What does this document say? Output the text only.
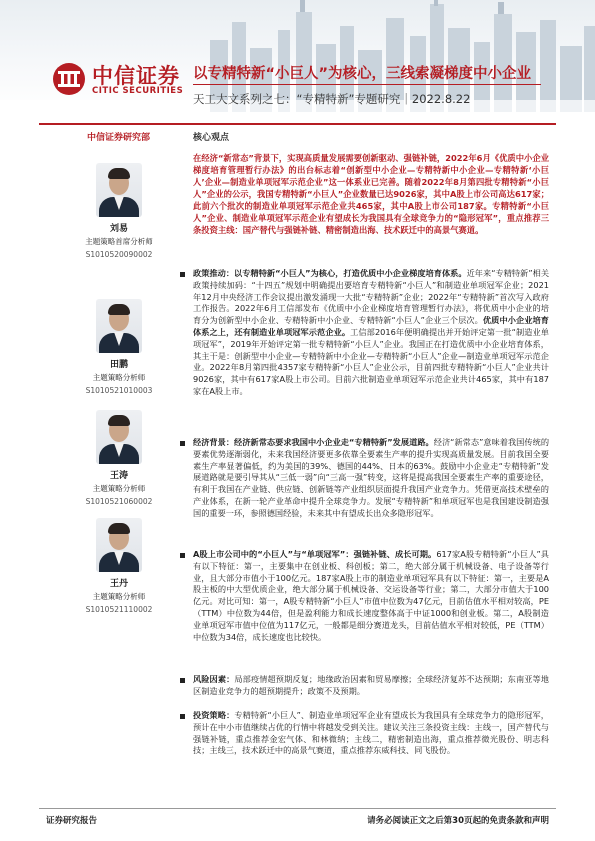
中信证券
CITIC SECURITIES
以专精特新“小巨人”为核心，三线索凝梯度中小企业
天工大文系列之七：“专精特新”专题研究｜2022.8.22
中信证券研究部	核心观点
刘易
主题策略首席分析师
S1010520090002
田鹏
主题策略分析师
S1010521010003
王涛
主题策略分析师
S1010521060002
王丹
主题策略分析师
S1010521110002
在经济“新常态”背景下，实现高质量发展需要创新驱动、强链补链，2022年6月《优质中小企业梯度培育管理暂行办法》的出台标志着“创新型中小企业—专精特新中小企业—专精特新‘小巨人’企业—制造业单项冠军示范企业”这一体系业已完善。随着2022年8月第四批专精特新“小巨人”企业的公示，我国专精特新“小巨人”企业数量已达9026家，其中A股上市公司高达617家；此前六个批次的制造业单项冠军示范企业共465家，其中A股上市公司187家。专精特新“小巨人”企业、制造业单项冠军示范企业有望成长为我国具有全球竞争力的“隐形冠军”，重点推荐三条投资主线：国产替代与强链补链、精密制造出海、技术跃迁中的高景气赛道。
政策推动：以专精特新“小巨人”为核心，打造优质中小企业梯度培育体系。近年来“专精特新”相关政策持续加码：“十四五”规划中明确提出要培育专精特新“小巨人”和制造业单项冠军企业；2021年12月中央经济工作会议提出激发涌现一大批“专精特新”企业；2022年“专精特新”首次写入政府工作报告。2022年6月工信部发布《优质中小企业梯度培育管理暂行办法》，将优质中小企业的培育分为创新型中小企业、专精特新中小企业、专精特新“小巨人”企业三个层次。优质中小企业培育体系之上，还有制造业单项冠军示范企业。工信部2016年便明确提出并开始评定第一批“制造业单项冠军”，2019年开始评定第一批专精特新“小巨人”企业。我国正在打造优质中小企业培育体系，其主干是：创新型中小企业—专精特新中小企业—专精特新“小巨人”企业—制造业单项冠军示范企业。2022年8月第四批4357家专精特新“小巨人”企业公示，目前四批专精特新“小巨人”企业共计9026家，其中有617家A股上市公司。目前六批制造业单项冠军示范企业共计465家，其中有187家在A股上市。
经济背景：经济新常态要求我国中小企业走“专精特新”发展道路。经济“新常态”意味着我国传统的要素优势逐渐弱化，未来我国经济要更多依靠全要素生产率的提升实现高质量发展。目前我国全要素生产率显著偏低，约为美国的39%、德国的44%、日本的63%。鼓励中小企业走“专精特新”发展道路就是要引导其从“三低一弱”向“三高一强”转变，这将是提高我国全要素生产率的重要途径，有利于我国在产业链、供应链、创新链等产业组织层面提升我国产业竞争力。凭借更高技术壁垒的产业体系，在新一轮产业革命中提升全球竞争力。发展“专精特新”和单项冠军也是我国建设制造强国的重要一环，参照德国经验，未来其中有望成长出众多隐形冠军。
A股上市公司中的“小巨人”与“单项冠军”：强链补链、成长可期。617家A股专精特新“小巨人”具有以下特征：第一，主要集中在创业板、科创板；第二，绝大部分属于机械设备、电子设备等行业，且大部分市值小于100亿元。187家A股上市的制造业单项冠军具有以下特征：第一，主要是A股主板的中大型优质企业，绝大部分属于机械设备、交运设备等行业；第二，大部分市值大于100亿元。对比可知：第一，A股专精特新“小巨人”市值中位数为47亿元，目前估值水平相对较高，PE（TTM）中位数为44倍，但是盈利能力和成长速度整体高于中证1000和创业板。第二，A股制造业单项冠军市值中位值为117亿元，一般都是细分赛道龙头，目前估值水平相对较低，PE（TTM）中位数为34倍，成长速度也比较快。
风险因素：局部疫情超预期反复；地缘政治因素和贸易摩擦；全球经济复苏不达预期；东南亚等地区制造业竞争力的超预期提升；政策不及预期。
投资策略：专精特新“小巨人”、制造业单项冠军企业有望成长为我国具有全球竞争力的隐形冠军，预计在中小市值继续占优的行情中将越发受到关注。建议关注三条投资主线：主线一，国产替代与强链补链，重点推荐金宏气体、和林微纳；主线二，精密制造出海，重点推荐微光股份、明志科技；主线三，技术跃迁中的高景气赛道，重点推荐东威科技、同飞股份。
证券研究报告	请务必阅读正文之后第30页起的免责条款和声明
